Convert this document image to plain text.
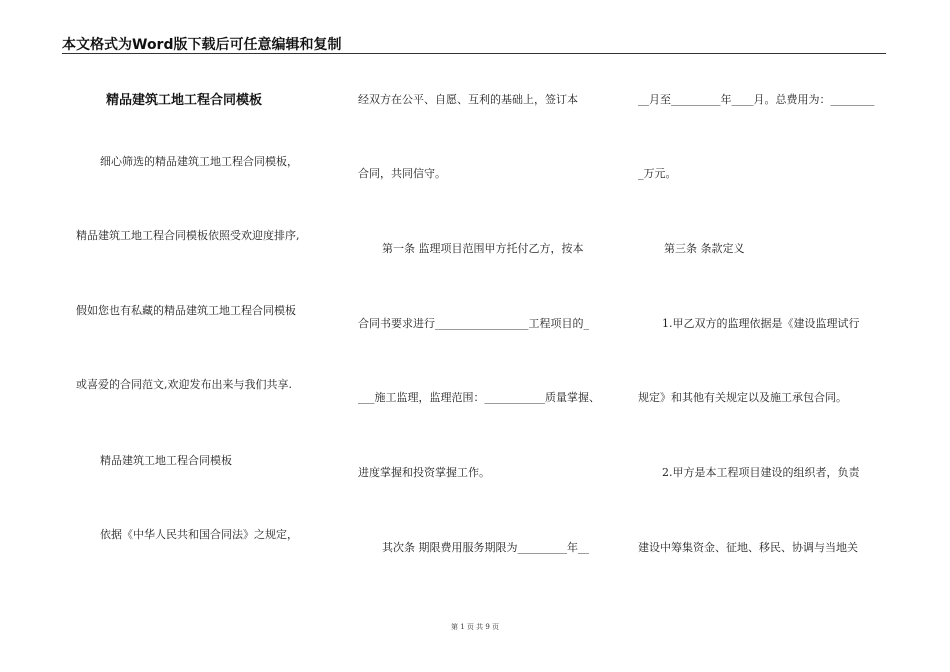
本文格式为Word版下载后可任意编辑和复制
精品建筑工地工程合同模板
细心筛选的精品建筑工地工程合同模板，
精品建筑工地工程合同模板依照受欢迎度排序,
假如您也有私藏的精品建筑工地工程合同模板
或喜爱的合同范文,欢迎发布出来与我们共享.
精品建筑工地工程合同模板
依据《中华人民共和国合同法》之规定，
经双方在公平、自愿、互利的基础上，签订本
合同，共同信守。
第一条 监理项目范围甲方托付乙方，按本
合同书要求进行_________________工程项目的_
___施工监理，监理范围：___________质量掌握、
进度掌握和投资掌握工作。
其次条 期限费用服务期限为_________年__
__月至_________年____月。总费用为：________
_万元。
第三条 条款定义
1.甲乙双方的监理依据是《建设监理试行
规定》和其他有关规定以及施工承包合同。
2.甲方是本工程项目建设的组织者，负责
建设中筹集资金、征地、移民、协调与当地关
第 1 页 共 9 页
